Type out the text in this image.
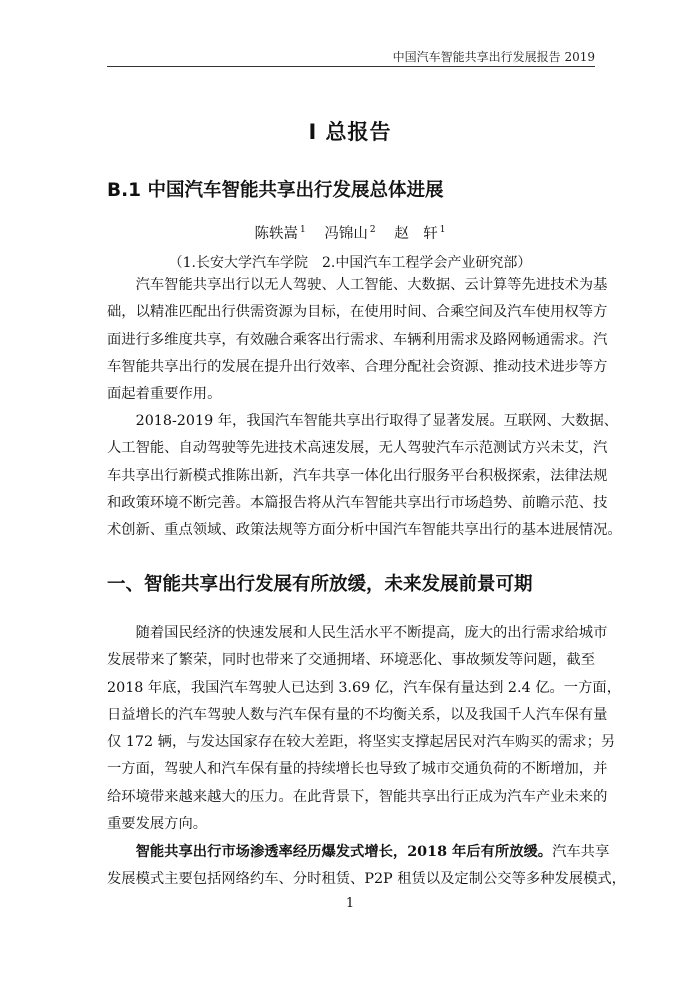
中国汽车智能共享出行发展报告 2019
Ⅰ 总报告
B.1 中国汽车智能共享出行发展总体进展
陈轶嵩 $^1$ 冯锦山 $^2$ 赵　轩 $^1$
（1.长安大学汽车学院　2.中国汽车工程学会产业研究部）
　　汽车智能共享出行以无人驾驶、人工智能、大数据、云计算等先进技术为基
础，以精准匹配出行供需资源为目标，在使用时间、合乘空间及汽车使用权等方
面进行多维度共享，有效融合乘客出行需求、车辆利用需求及路网畅通需求。汽
车智能共享出行的发展在提升出行效率、合理分配社会资源、推动技术进步等方
面起着重要作用。
　　2018-2019 年，我国汽车智能共享出行取得了显著发展。互联网、大数据、
人工智能、自动驾驶等先进技术高速发展，无人驾驶汽车示范测试方兴未艾，汽
车共享出行新模式推陈出新，汽车共享一体化出行服务平台积极探索，法律法规
和政策环境不断完善。本篇报告将从汽车智能共享出行市场趋势、前瞻示范、技
术创新、重点领域、政策法规等方面分析中国汽车智能共享出行的基本进展情况。
一、智能共享出行发展有所放缓，未来发展前景可期
　　随着国民经济的快速发展和人民生活水平不断提高，庞大的出行需求给城市
发展带来了繁荣，同时也带来了交通拥堵、环境恶化、事故频发等问题，截至
2018 年底，我国汽车驾驶人已达到 3.69 亿，汽车保有量达到 2.4 亿。一方面，
日益增长的汽车驾驶人数与汽车保有量的不均衡关系，以及我国千人汽车保有量
仅 172 辆，与发达国家存在较大差距，将坚实支撑起居民对汽车购买的需求；另
一方面，驾驶人和汽车保有量的持续增长也导致了城市交通负荷的不断增加，并
给环境带来越来越大的压力。在此背景下，智能共享出行正成为汽车产业未来的
重要发展方向。
　　智能共享出行市场渗透率经历爆发式增长，2018 年后有所放缓。汽车共享
发展模式主要包括网络约车、分时租赁、P2P 租赁以及定制公交等多种发展模式，
1
